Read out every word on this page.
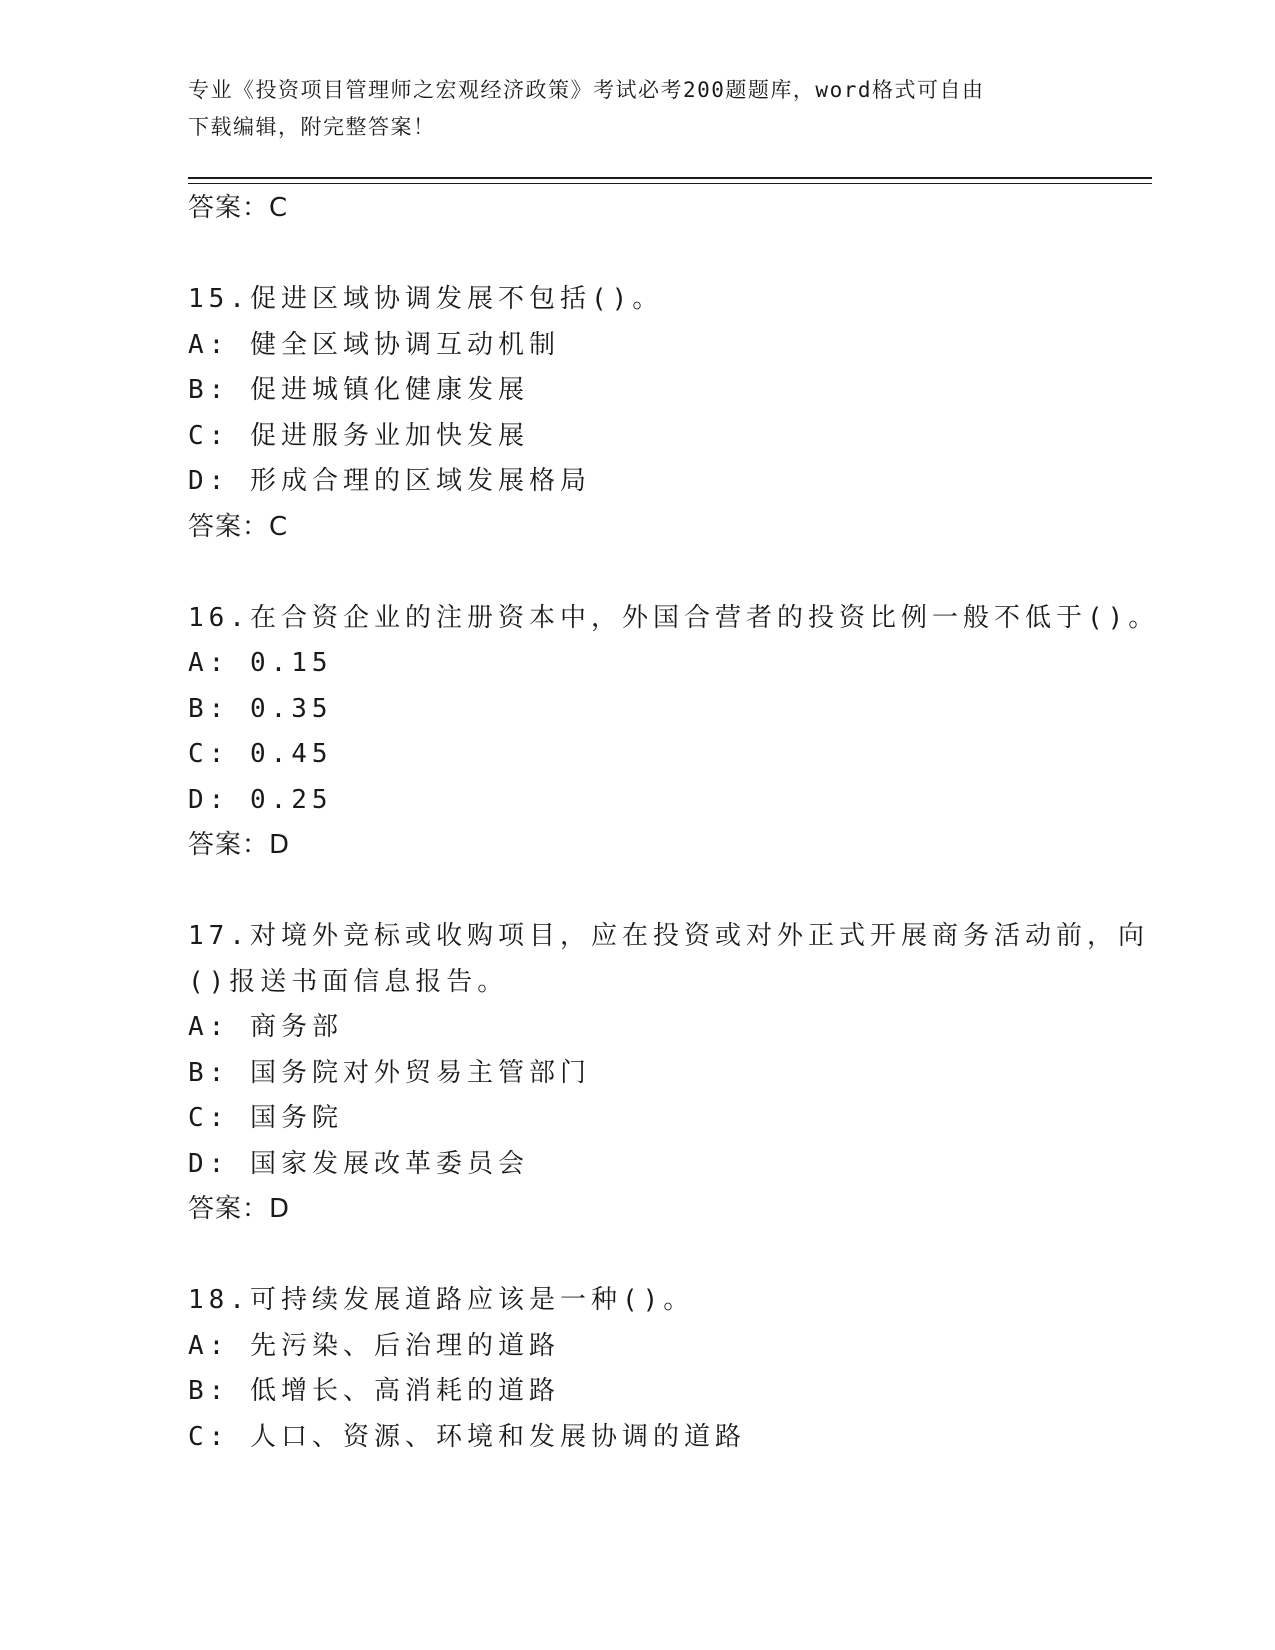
专业《投资项目管理师之宏观经济政策》考试必考200题题库，word格式可自由
下载编辑，附完整答案！
答案：C
15.促进区域协调发展不包括()。
A: 健全区域协调互动机制
B: 促进城镇化健康发展
C: 促进服务业加快发展
D: 形成合理的区域发展格局
答案：C
16.在合资企业的注册资本中，外国合营者的投资比例一般不低于()。
A: 0.15
B: 0.35
C: 0.45
D: 0.25
答案：D
17.对境外竞标或收购项目，应在投资或对外正式开展商务活动前，向
()报送书面信息报告。
A: 商务部
B: 国务院对外贸易主管部门
C: 国务院
D: 国家发展改革委员会
答案：D
18.可持续发展道路应该是一种()。
A: 先污染、后治理的道路
B: 低增长、高消耗的道路
C: 人口、资源、环境和发展协调的道路
